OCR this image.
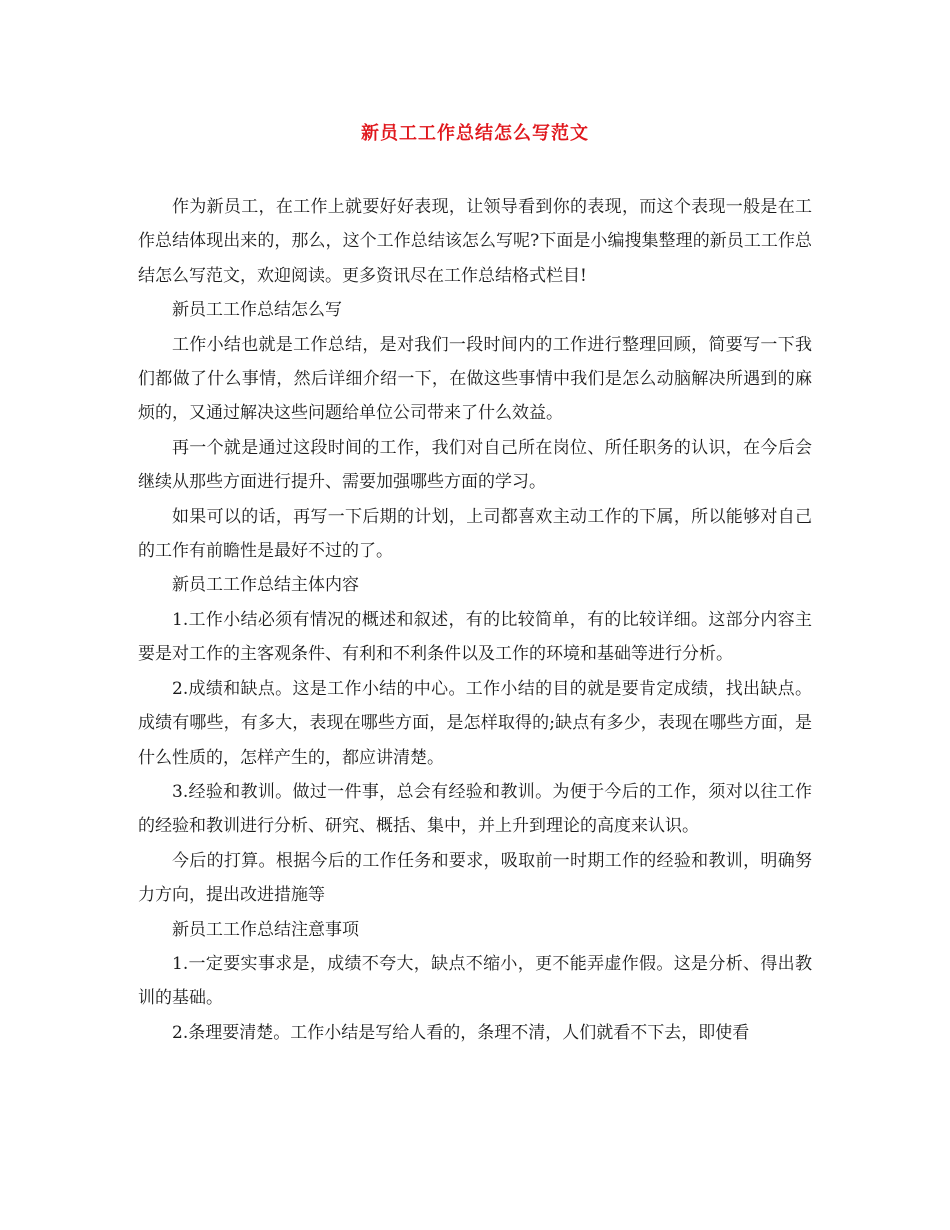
新员工工作总结怎么写范文

作为新员工，在工作上就要好好表现，让领导看到你的表现，而这个表现一般是在工作总结体现出来的，那么，这个工作总结该怎么写呢?下面是小编搜集整理的新员工工作总结怎么写范文，欢迎阅读。更多资讯尽在工作总结格式栏目!

新员工工作总结怎么写

工作小结也就是工作总结，是对我们一段时间内的工作进行整理回顾，简要写一下我们都做了什么事情，然后详细介绍一下，在做这些事情中我们是怎么动脑解决所遇到的麻烦的，又通过解决这些问题给单位公司带来了什么效益。

再一个就是通过这段时间的工作，我们对自己所在岗位、所任职务的认识，在今后会继续从那些方面进行提升、需要加强哪些方面的学习。

如果可以的话，再写一下后期的计划，上司都喜欢主动工作的下属，所以能够对自己的工作有前瞻性是最好不过的了。

新员工工作总结主体内容

1.工作小结必须有情况的概述和叙述，有的比较简单，有的比较详细。这部分内容主要是对工作的主客观条件、有利和不利条件以及工作的环境和基础等进行分析。

2.成绩和缺点。这是工作小结的中心。工作小结的目的就是要肯定成绩，找出缺点。成绩有哪些，有多大，表现在哪些方面，是怎样取得的;缺点有多少，表现在哪些方面，是什么性质的，怎样产生的，都应讲清楚。

3.经验和教训。做过一件事，总会有经验和教训。为便于今后的工作，须对以往工作的经验和教训进行分析、研究、概括、集中，并上升到理论的高度来认识。

今后的打算。根据今后的工作任务和要求，吸取前一时期工作的经验和教训，明确努力方向，提出改进措施等

新员工工作总结注意事项

1.一定要实事求是，成绩不夸大，缺点不缩小，更不能弄虚作假。这是分析、得出教训的基础。

2.条理要清楚。工作小结是写给人看的，条理不清，人们就看不下去，即使看
